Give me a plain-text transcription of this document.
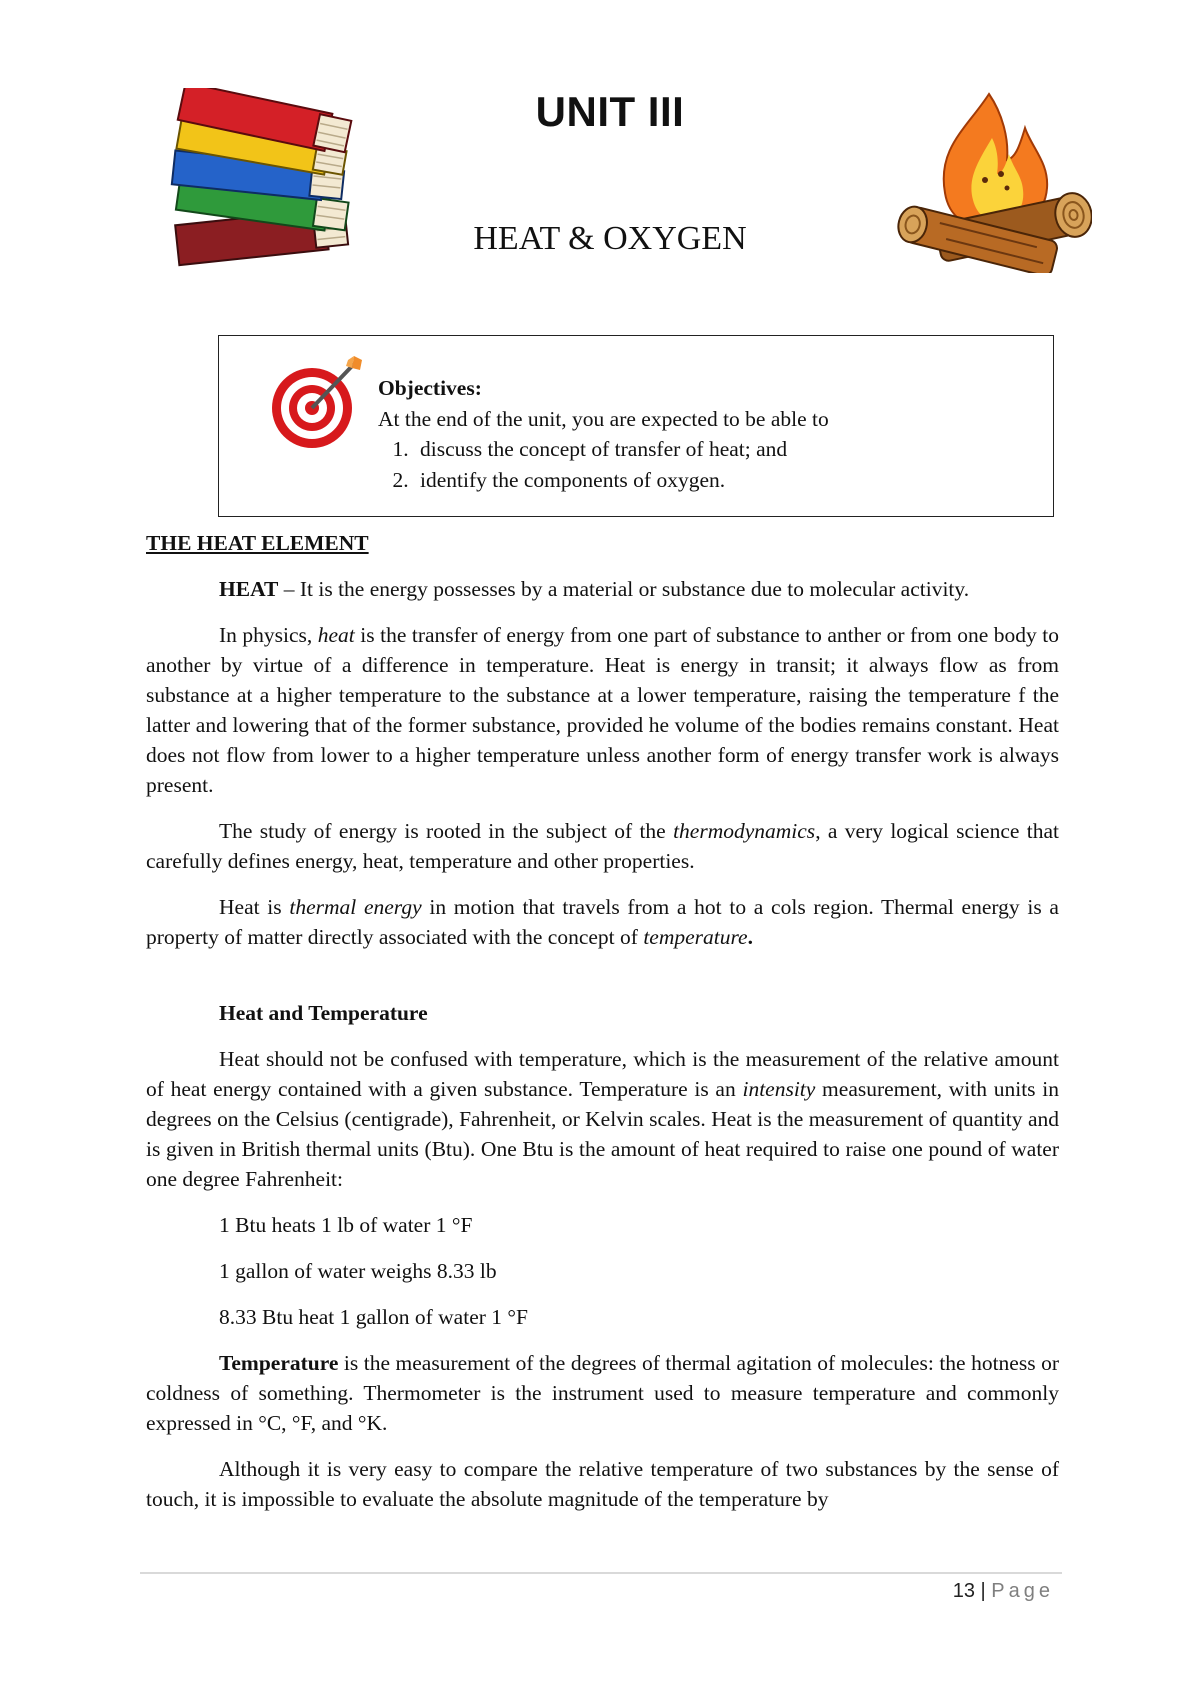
UNIT III
HEAT & OXYGEN
Objectives:
At the end of the unit, you are expected to be able to
1. discuss the concept of transfer of heat; and
2. identify the components of oxygen.

THE HEAT ELEMENT

HEAT – It is the energy possesses by a material or substance due to molecular activity.

In physics, heat is the transfer of energy from one part of substance to anther or from one body to another by virtue of a difference in temperature. Heat is energy in transit; it always flow as from substance at a higher temperature to the substance at a lower temperature, raising the temperature f the latter and lowering that of the former substance, provided he volume of the bodies remains constant. Heat does not flow from lower to a higher temperature unless another form of energy transfer work is always present.

The study of energy is rooted in the subject of the thermodynamics, a very logical science that carefully defines energy, heat, temperature and other properties.

Heat is thermal energy in motion that travels from a hot to a cols region. Thermal energy is a property of matter directly associated with the concept of temperature.

Heat and Temperature

Heat should not be confused with temperature, which is the measurement of the relative amount of heat energy contained with a given substance. Temperature is an intensity measurement, with units in degrees on the Celsius (centigrade), Fahrenheit, or Kelvin scales. Heat is the measurement of quantity and is given in British thermal units (Btu). One Btu is the amount of heat required to raise one pound of water one degree Fahrenheit:

1 Btu heats 1 lb of water 1 °F

1 gallon of water weighs 8.33 lb

8.33 Btu heat 1 gallon of water 1 °F

Temperature is the measurement of the degrees of thermal agitation of molecules: the hotness or coldness of something. Thermometer is the instrument used to measure temperature and commonly expressed in °C, °F, and °K.

Although it is very easy to compare the relative temperature of two substances by the sense of touch, it is impossible to evaluate the absolute magnitude of the temperature by

13 | Page
